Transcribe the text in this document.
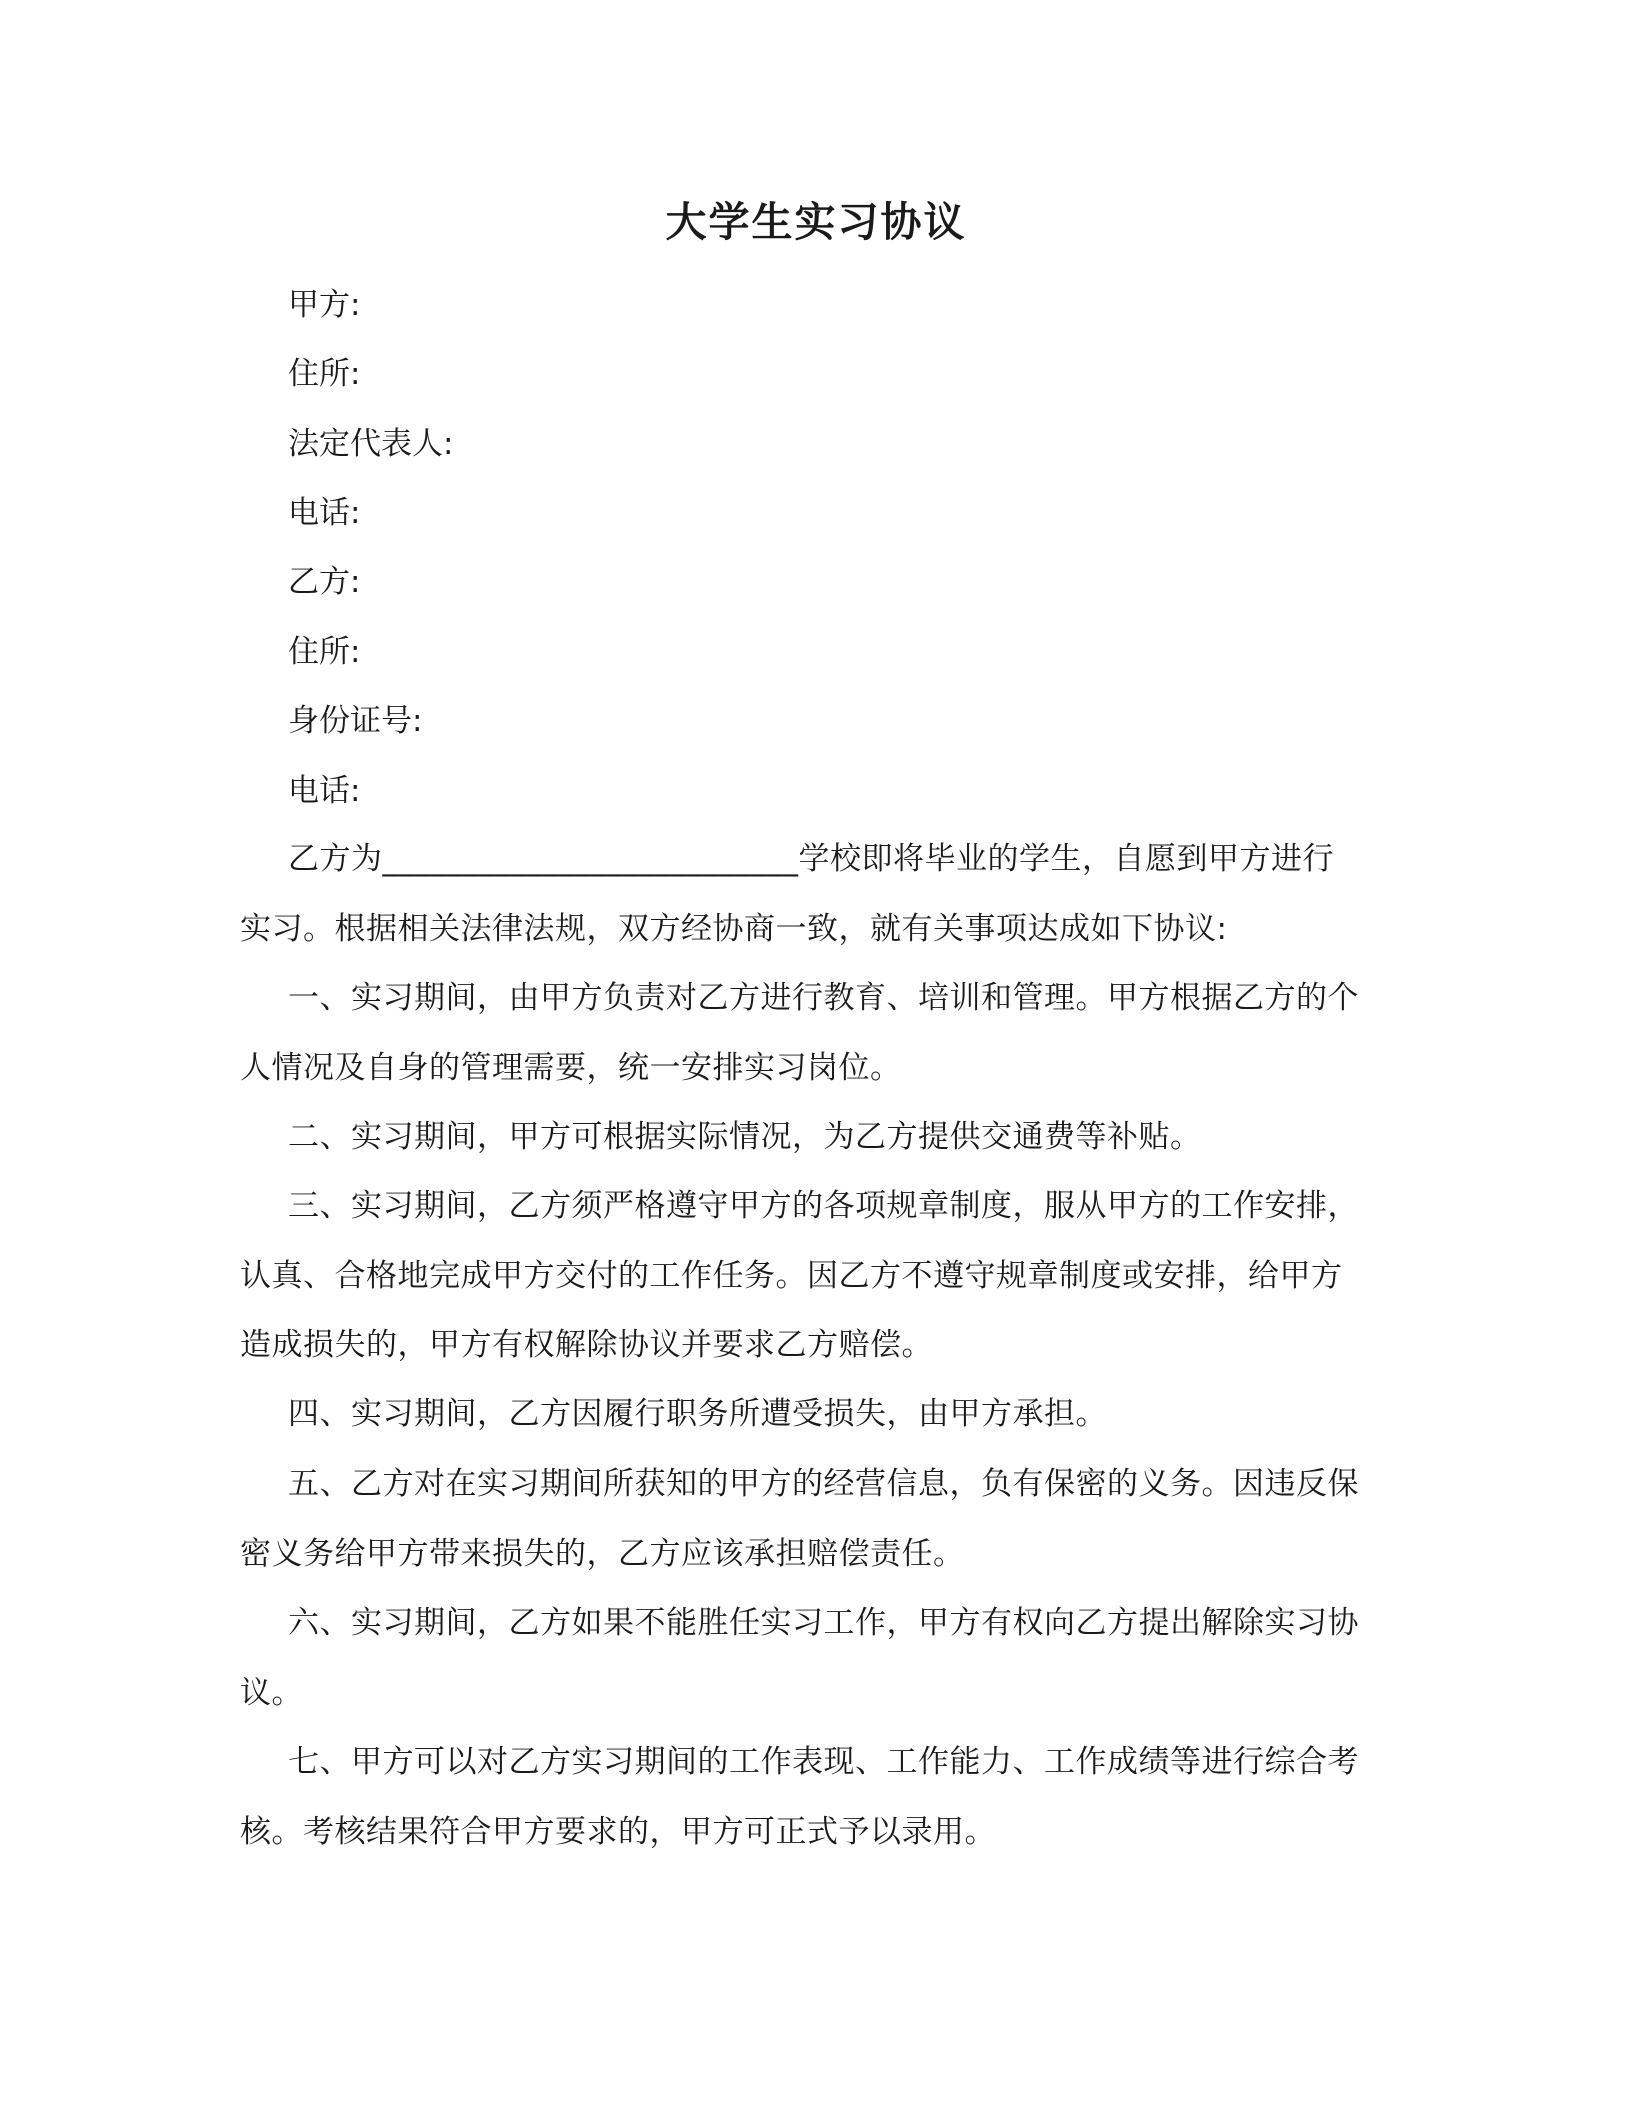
大学生实习协议
甲方:
住所:
法定代表人:
电话:
乙方:
住所:
身份证号:
电话:
乙方为__________________________学校即将毕业的学生，自愿到甲方进行
实习。根据相关法律法规，双方经协商一致，就有关事项达成如下协议:
一、实习期间，由甲方负责对乙方进行教育、培训和管理。甲方根据乙方的个
人情况及自身的管理需要，统一安排实习岗位。
二、实习期间，甲方可根据实际情况，为乙方提供交通费等补贴。
三、实习期间，乙方须严格遵守甲方的各项规章制度，服从甲方的工作安排，
认真、合格地完成甲方交付的工作任务。因乙方不遵守规章制度或安排，给甲方
造成损失的，甲方有权解除协议并要求乙方赔偿。
四、实习期间，乙方因履行职务所遭受损失，由甲方承担。
五、乙方对在实习期间所获知的甲方的经营信息，负有保密的义务。因违反保
密义务给甲方带来损失的，乙方应该承担赔偿责任。
六、实习期间，乙方如果不能胜任实习工作，甲方有权向乙方提出解除实习协
议。
七、甲方可以对乙方实习期间的工作表现、工作能力、工作成绩等进行综合考
核。考核结果符合甲方要求的，甲方可正式予以录用。
